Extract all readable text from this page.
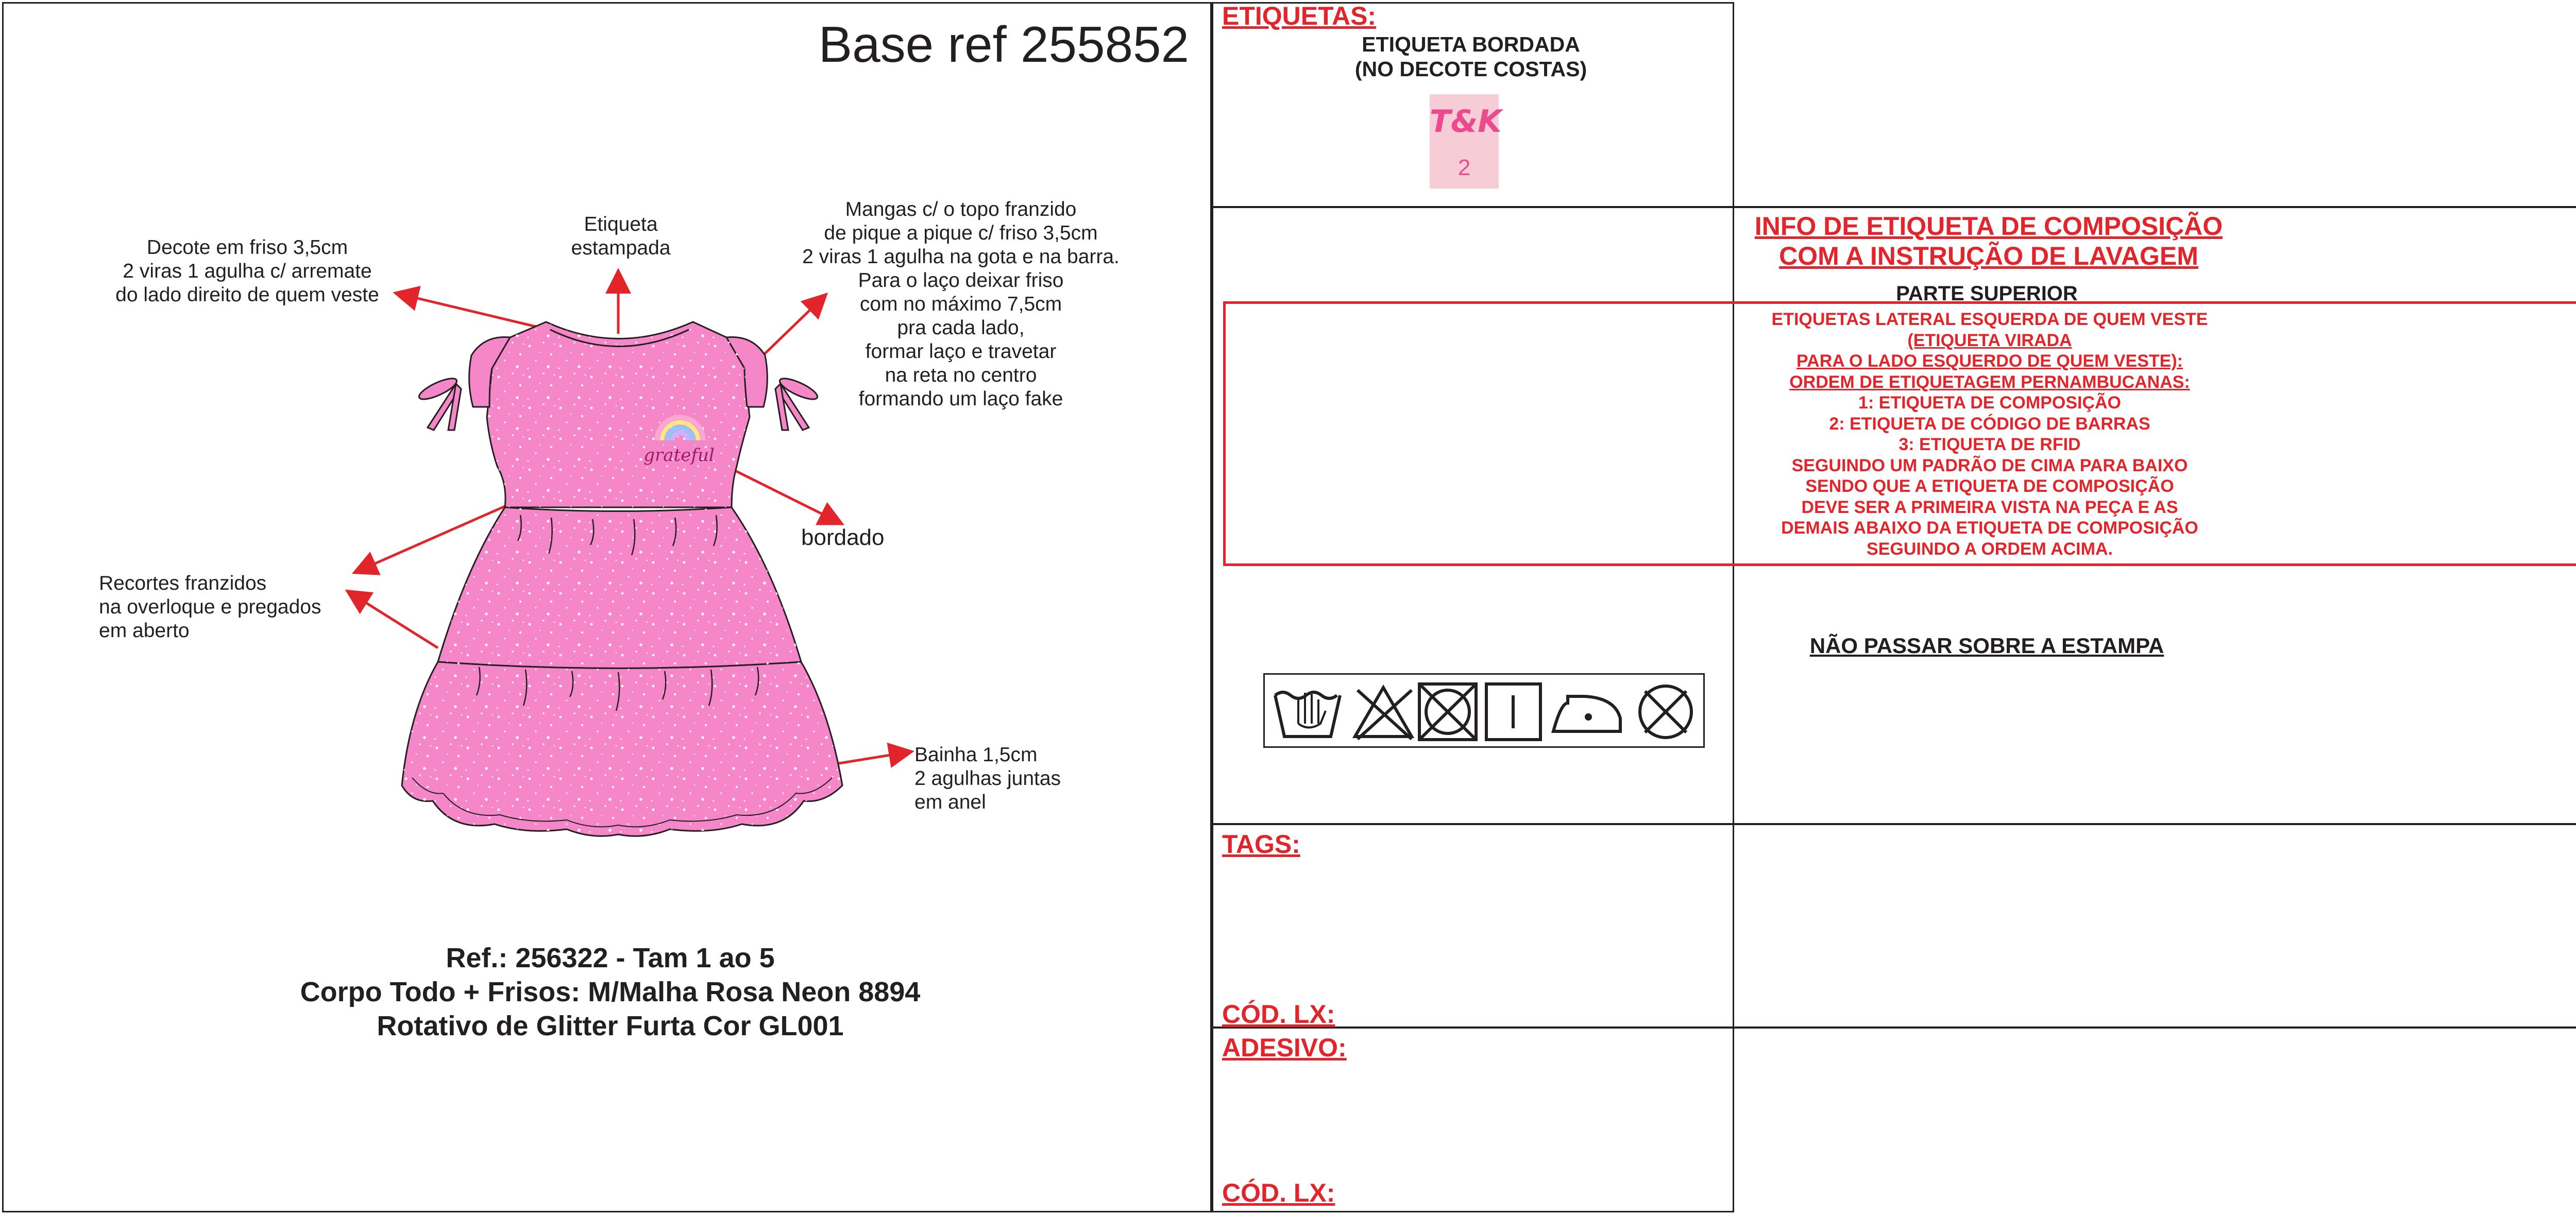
Base ref 255852
Decote em friso 3,5cm
2 viras 1 agulha c/ arremate
do lado direito de quem veste
Etiqueta
estampada
Mangas c/ o topo franzido
de pique a pique c/ friso 3,5cm
2 viras 1 agulha na gota e na barra.
Para o laço deixar friso
com no máximo 7,5cm
pra cada lado,
formar laço e travetar
na reta no centro
formando um laço fake
bordado
Recortes franzidos
na overloque e pregados
em aberto
Bainha 1,5cm
2 agulhas juntas
em anel
grateful
Ref.: 256322 - Tam 1 ao 5
Corpo Todo + Frisos: M/Malha Rosa Neon 8894
Rotativo de Glitter Furta Cor GL001
ETIQUETAS:
ETIQUETA BORDADA
(NO DECOTE COSTAS)
T&K
2
INFO DE ETIQUETA DE COMPOSIÇÃO
COM A INSTRUÇÃO DE LAVAGEM
PARTE SUPERIOR
ETIQUETAS LATERAL ESQUERDA DE QUEM VESTE
(ETIQUETA VIRADA
PARA O LADO ESQUERDO DE QUEM VESTE):
ORDEM DE ETIQUETAGEM PERNAMBUCANAS:
1: ETIQUETA DE COMPOSIÇÃO
2: ETIQUETA DE CÓDIGO DE BARRAS
3: ETIQUETA DE RFID
SEGUINDO UM PADRÃO DE CIMA PARA BAIXO
SENDO QUE A ETIQUETA DE COMPOSIÇÃO
DEVE SER A PRIMEIRA VISTA NA PEÇA E AS
DEMAIS ABAIXO DA ETIQUETA DE COMPOSIÇÃO
SEGUINDO A ORDEM ACIMA.
NÃO PASSAR SOBRE A ESTAMPA
TAGS:
CÓD. LX:
ADESIVO:
CÓD. LX:
